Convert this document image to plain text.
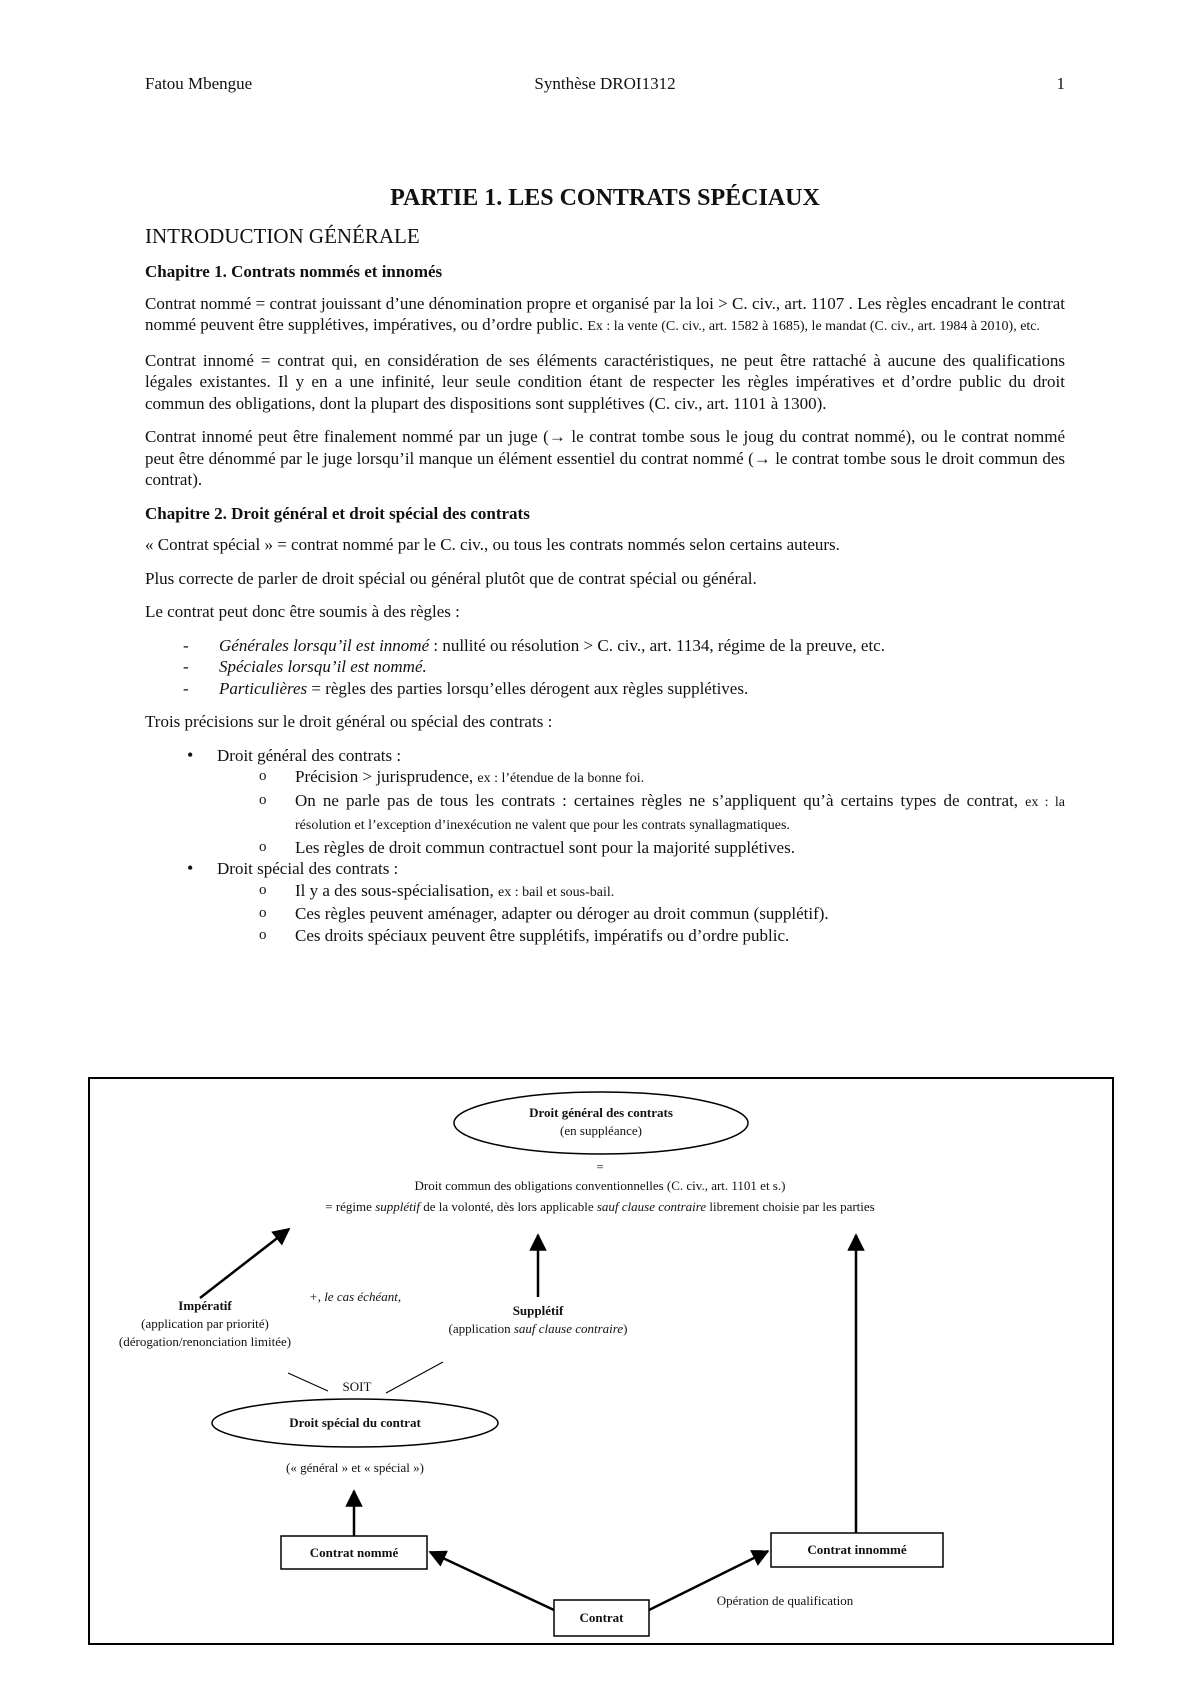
Fatou Mbengue	Synthèse DROI1312	1

PARTIE 1. LES CONTRATS SPÉCIAUX

INTRODUCTION GÉNÉRALE

Chapitre 1. Contrats nommés et innomés

Contrat nommé = contrat jouissant d’une dénomination propre et organisé par la loi > C. civ., art. 1107 . Les règles encadrant le contrat nommé peuvent être supplétives, impératives, ou d’ordre public. Ex : la vente (C. civ., art. 1582 à 1685), le mandat (C. civ., art. 1984 à 2010), etc.

Contrat innomé = contrat qui, en considération de ses éléments caractéristiques, ne peut être rattaché à aucune des qualifications légales existantes. Il y en a une infinité, leur seule condition étant de respecter les règles impératives et d’ordre public du droit commun des obligations, dont la plupart des dispositions sont supplétives (C. civ., art. 1101 à 1300).

Contrat innomé peut être finalement nommé par un juge (→ le contrat tombe sous le joug du contrat nommé), ou le contrat nommé peut être dénommé par le juge lorsqu’il manque un élément essentiel du contrat nommé (→ le contrat tombe sous le droit commun des contrat).

Chapitre 2. Droit général et droit spécial des contrats

« Contrat spécial » = contrat nommé par le C. civ., ou tous les contrats nommés selon certains auteurs.

Plus correcte de parler de droit spécial ou général plutôt que de contrat spécial ou général.

Le contrat peut donc être soumis à des règles :

- Générales lorsqu’il est innomé : nullité ou résolution > C. civ., art. 1134, régime de la preuve, etc.
- Spéciales lorsqu’il est nommé.
- Particulières = règles des parties lorsqu’elles dérogent aux règles supplétives.

Trois précisions sur le droit général ou spécial des contrats :

• Droit général des contrats :
o Précision > jurisprudence, ex : l’étendue de la bonne foi.
o On ne parle pas de tous les contrats : certaines règles ne s’appliquent qu’à certains types de contrat, ex : la résolution et l’exception d’inexécution ne valent que pour les contrats synallagmatiques.
o Les règles de droit commun contractuel sont pour la majorité supplétives.
• Droit spécial des contrats :
o Il y a des sous-spécialisation, ex : bail et sous-bail.
o Ces règles peuvent aménager, adapter ou déroger au droit commun (supplétif).
o Ces droits spéciaux peuvent être supplétifs, impératifs ou d’ordre public.
Droit général des contrats
(en suppléance)
=
Droit commun des obligations conventionnelles (C. civ., art. 1101 et s.)
= régime supplétif de la volonté, dès lors applicable sauf clause contraire librement choisie par les parties
Impératif
(application par priorité)
(dérogation/renonciation limitée)
+, le cas échéant,
Supplétif
(application sauf clause contraire)
SOIT
Droit spécial du contrat
(« général » et « spécial »)
Contrat nommé	Contrat innommé
Contrat
Opération de qualification
